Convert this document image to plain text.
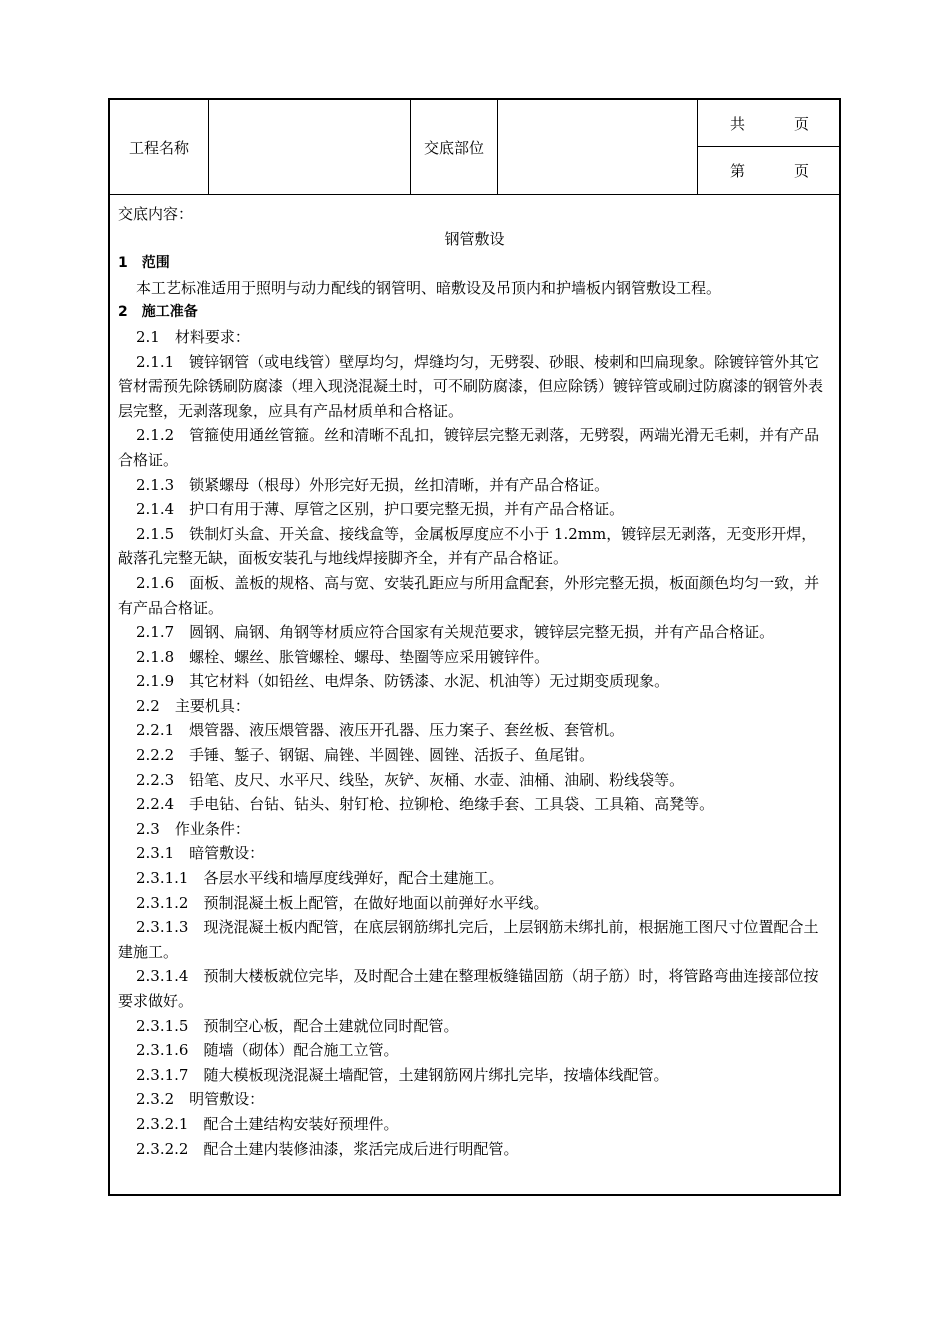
工程名称	交底部位
共	页
第	页

交底内容：

钢管敷设

1　范围

本工艺标准适用于照明与动力配线的钢管明、暗敷设及吊顶内和护墙板内钢管敷设工程。

2　施工准备

2.1　材料要求：

2.1.1　镀锌钢管（或电线管）壁厚均匀，焊缝均匀，无劈裂、砂眼、棱刺和凹扁现象。除镀锌管外其它管材需预先除锈刷防腐漆（埋入现浇混凝土时，可不刷防腐漆，但应除锈）镀锌管或刷过防腐漆的钢管外表层完整，无剥落现象，应具有产品材质单和合格证。

2.1.2　管箍使用通丝管箍。丝和清晰不乱扣，镀锌层完整无剥落，无劈裂，两端光滑无毛刺，并有产品合格证。

2.1.3　锁紧螺母（根母）外形完好无损，丝扣清晰，并有产品合格证。

2.1.4　护口有用于薄、厚管之区别，护口要完整无损，并有产品合格证。

2.1.5　铁制灯头盒、开关盒、接线盒等，金属板厚度应不小于 1.2mm，镀锌层无剥落，无变形开焊，敲落孔完整无缺，面板安装孔与地线焊接脚齐全，并有产品合格证。

2.1.6　面板、盖板的规格、高与宽、安装孔距应与所用盒配套，外形完整无损，板面颜色均匀一致，并有产品合格证。

2.1.7　圆钢、扁钢、角钢等材质应符合国家有关规范要求，镀锌层完整无损，并有产品合格证。

2.1.8　螺栓、螺丝、胀管螺栓、螺母、垫圈等应采用镀锌件。

2.1.9　其它材料（如铅丝、电焊条、防锈漆、水泥、机油等）无过期变质现象。

2.2　主要机具：

2.2.1　煨管器、液压煨管器、液压开孔器、压力案子、套丝板、套管机。

2.2.2　手锤、錾子、钢锯、扁锉、半圆锉、圆锉、活扳子、鱼尾钳。

2.2.3　铅笔、皮尺、水平尺、线坠，灰铲、灰桶、水壶、油桶、油刷、粉线袋等。

2.2.4　手电钻、台钻、钻头、射钉枪、拉铆枪、绝缘手套、工具袋、工具箱、高凳等。

2.3　作业条件：

2.3.1　暗管敷设：

2.3.1.1　各层水平线和墙厚度线弹好，配合土建施工。

2.3.1.2　预制混凝土板上配管，在做好地面以前弹好水平线。

2.3.1.3　现浇混凝土板内配管，在底层钢筋绑扎完后，上层钢筋未绑扎前，根据施工图尺寸位置配合土建施工。

2.3.1.4　预制大楼板就位完毕，及时配合土建在整理板缝锚固筋（胡子筋）时，将管路弯曲连接部位按要求做好。

2.3.1.5　预制空心板，配合土建就位同时配管。

2.3.1.6　随墙（砌体）配合施工立管。

2.3.1.7　随大模板现浇混凝土墙配管，土建钢筋网片绑扎完毕，按墙体线配管。

2.3.2　明管敷设：

2.3.2.1　配合土建结构安装好预埋件。

2.3.2.2　配合土建内装修油漆，浆活完成后进行明配管。
